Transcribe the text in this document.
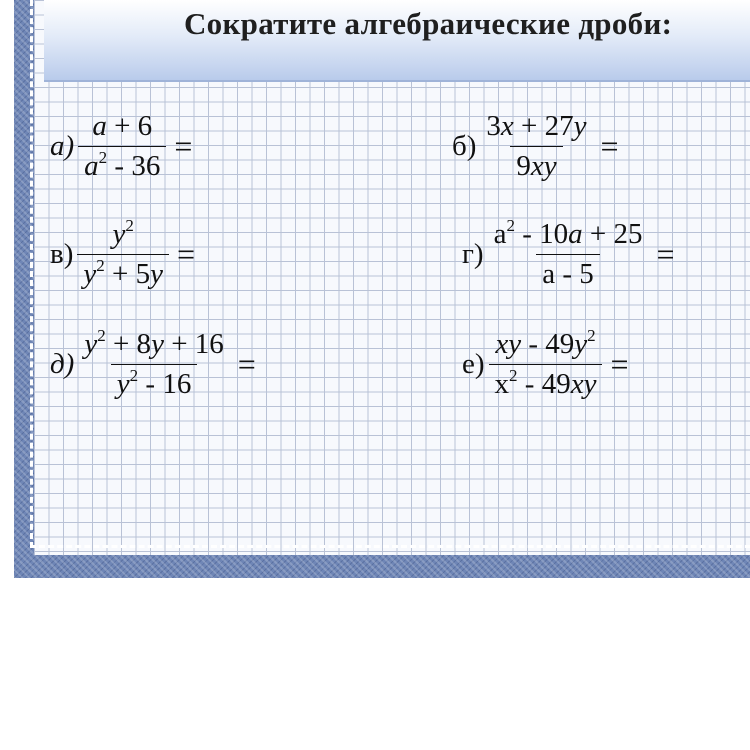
Сократите алгебраические дроби:
$а) \frac{a + 6}{a^2 - 36}$ =	$б) \frac{3x + 27y}{9xy}$ =
$в) \frac{y^2}{y^2 + 5y}$ =	$г) \frac{a^2 - 10a + 25}{a - 5}$ =
$д) \frac{y^2 + 8y + 16}{y^2 - 16}$ =	$е) \frac{xy - 49y^2}{x^2 - 49xy}$ =
